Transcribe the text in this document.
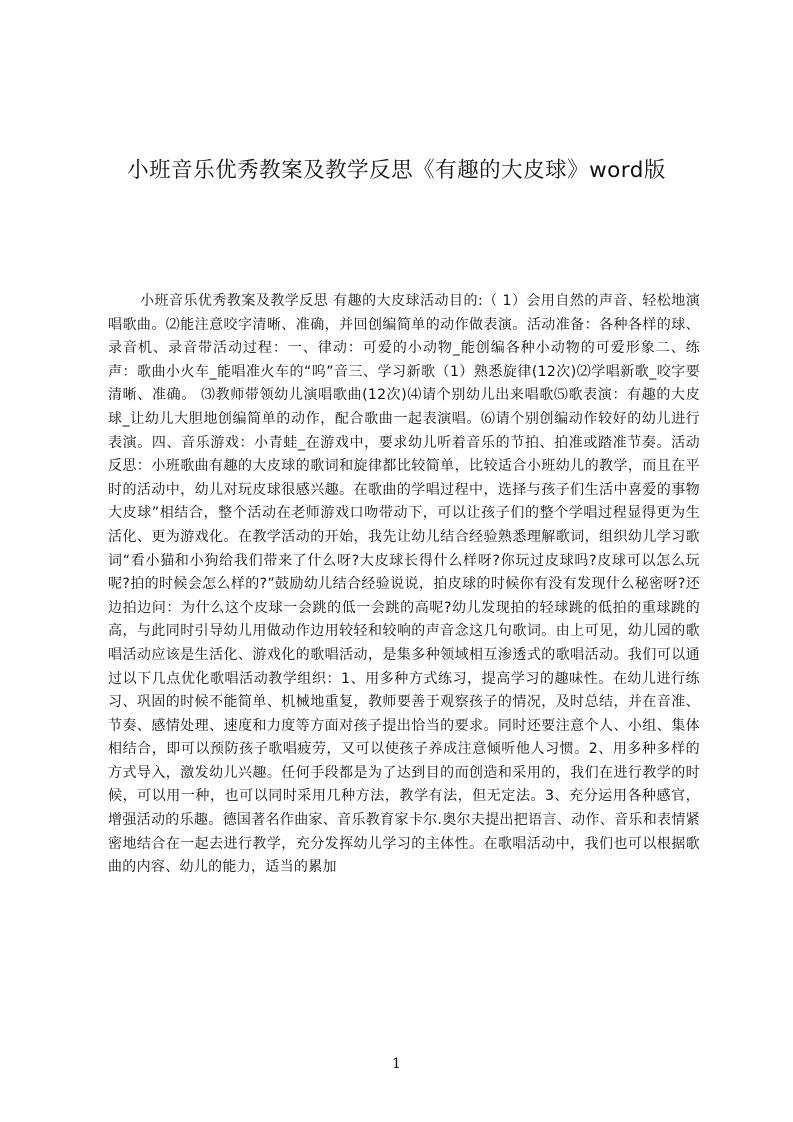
小班音乐优秀教案及教学反思《有趣的大皮球》word版

小班音乐优秀教案及教学反思 有趣的大皮球活动目的:（ 1）会用自然的声音、轻松地演唱歌曲。⑵能注意咬字清晰、准确，并回创编简单的动作做表演。活动准备：各种各样的球、录音机、录音带活动过程：一、律动：可爱的小动物_能创编各种小动物的可爱形象二、练声：歌曲小火车_能唱准火车的“呜”音三、学习新歌（1）熟悉旋律(12次)⑵学唱新歌_咬字要清晰、准确。 ⑶教师带领幼儿演唱歌曲(12次)⑷请个别幼儿出来唱歌⑸歌表演：有趣的大皮球_让幼儿大胆地创编简单的动作，配合歌曲一起表演唱。⑹请个别创编动作较好的幼儿进行表演。四、音乐游戏：小青蛙_在游戏中，要求幼儿听着音乐的节拍、拍准或踏准节奏。活动反思：小班歌曲有趣的大皮球的歌词和旋律都比较简单，比较适合小班幼儿的教学，而且在平时的活动中，幼儿对玩皮球很感兴趣。在歌曲的学唱过程中，选择与孩子们生活中喜爱的事物大皮球”相结合，整个活动在老师游戏口吻带动下，可以让孩子们的整个学唱过程显得更为生活化、更为游戏化。在教学活动的开始，我先让幼儿结合经验熟悉理解歌词，组织幼儿学习歌词“看小猫和小狗给我们带来了什么呀?大皮球长得什么样呀?你玩过皮球吗?皮球可以怎么玩呢?拍的时候会怎么样的?”鼓励幼儿结合经验说说，拍皮球的时候你有没有发现什么秘密呀?还边拍边问：为什么这个皮球一会跳的低一会跳的高呢?幼儿发现拍的轻球跳的低拍的重球跳的高，与此同时引导幼儿用做动作边用较轻和较响的声音念这几句歌词。由上可见，幼儿园的歌唱活动应该是生活化、游戏化的歌唱活动，是集多种领域相互渗透式的歌唱活动。我们可以通过以下几点优化歌唱活动教学组织：1、用多种方式练习，提高学习的趣味性。在幼儿进行练习、巩固的时候不能简单、机械地重复，教师要善于观察孩子的情况，及时总结，并在音准、节奏、感情处理、速度和力度等方面对孩子提出恰当的要求。同时还要注意个人、小组、集体相结合，即可以预防孩子歌唱疲劳，又可以使孩子养成注意倾听他人习惯。2、用多种多样的方式导入，激发幼儿兴趣。任何手段都是为了达到目的而创造和采用的，我们在进行教学的时候，可以用一种，也可以同时采用几种方法，教学有法，但无定法。3、充分运用各种感官，增强活动的乐趣。德国著名作曲家、音乐教育家卡尔.奥尔夫提出把语言、动作、音乐和表情紧密地结合在一起去进行教学，充分发挥幼儿学习的主体性。在歌唱活动中，我们也可以根据歌曲的内容、幼儿的能力，适当的累加

1
